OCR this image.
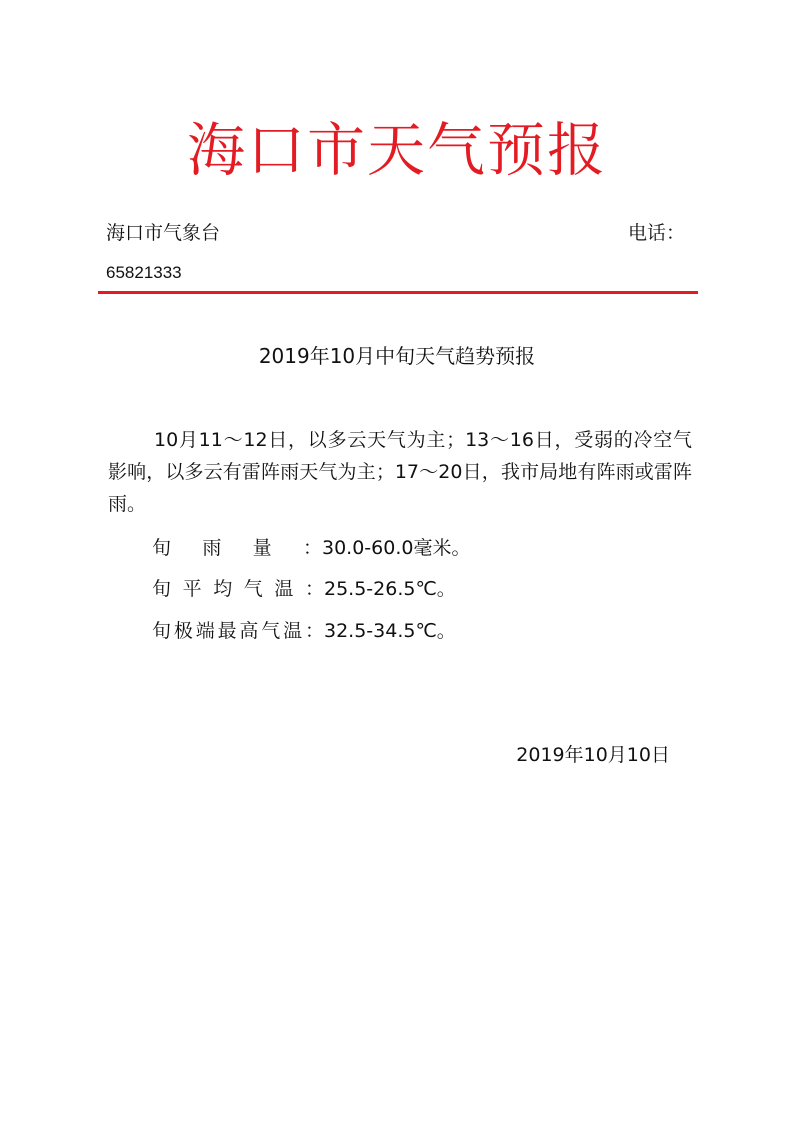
海口市天气预报
海口市气象台	电话：
65821333
2019年10月中旬天气趋势预报
10月11～12日，以多云天气为主；13～16日，受弱的冷空气影响，以多云有雷阵雨天气为主；17～20日，我市局地有阵雨或雷阵雨。
旬雨量：30.0-60.0毫米。
旬平均气温：25.5-26.5℃。
旬极端最高气温：32.5-34.5℃。
2019年10月10日
